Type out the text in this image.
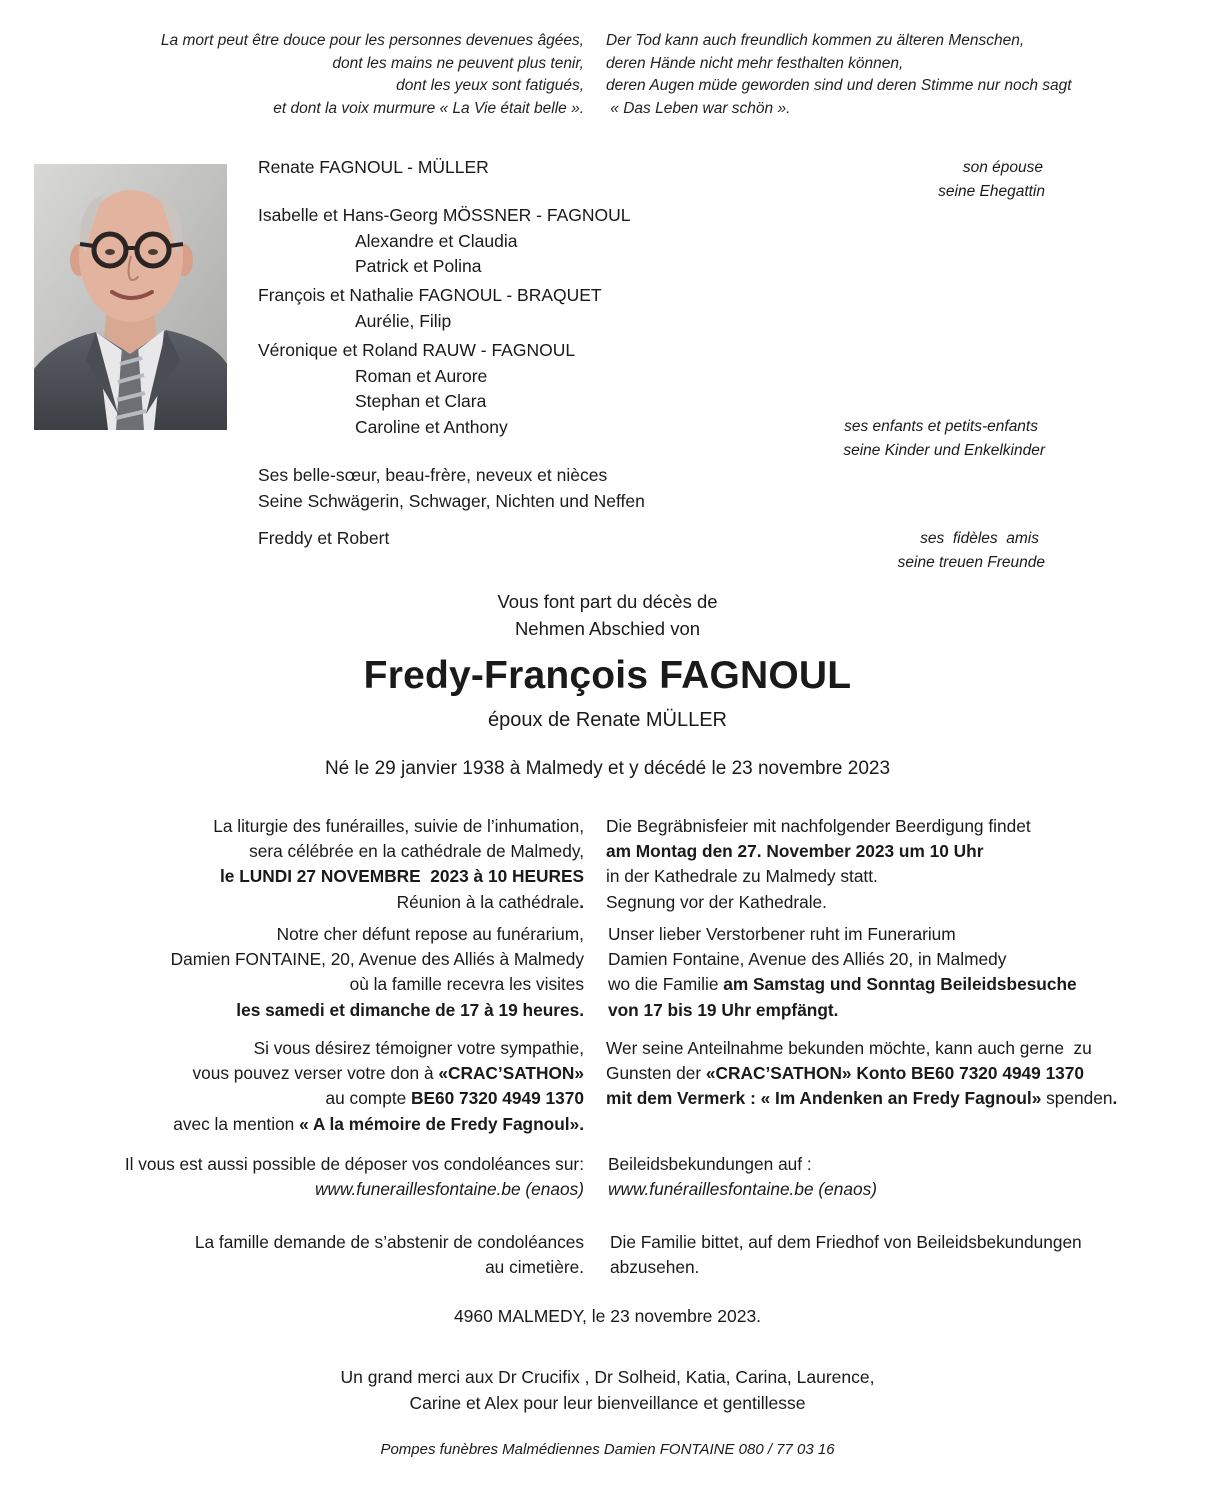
La mort peut être douce pour les personnes devenues âgées,
dont les mains ne peuvent plus tenir,
dont les yeux sont fatigués,
et dont la voix murmure « La Vie était belle ».
Der Tod kann auch freundlich kommen zu älteren Menschen,
deren Hände nicht mehr festhalten können,
deren Augen müde geworden sind und deren Stimme nur noch sagt
« Das Leben war schön ».
Renate FAGNOUL - MÜLLER	son épouse
seine Ehegattin
Isabelle et Hans-Georg MÖSSNER - FAGNOUL
Alexandre et Claudia
Patrick et Polina
François et Nathalie FAGNOUL - BRAQUET
Aurélie, Filip
Véronique et Roland RAUW - FAGNOUL
Roman et Aurore
Stephan et Clara
Caroline et Anthony	ses enfants et petits-enfants
seine Kinder und Enkelkinder
Ses belle-sœur, beau-frère, neveux et nièces
Seine Schwägerin, Schwager, Nichten und Neffen
Freddy et Robert	ses  fidèles  amis
seine treuen Freunde
Vous font part du décès de
Nehmen Abschied von
Fredy-François FAGNOUL
époux de Renate MÜLLER
Né le 29 janvier 1938 à Malmedy et y décédé le 23 novembre 2023
La liturgie des funérailles, suivie de l’inhumation,
sera célébrée en la cathédrale de Malmedy,
le LUNDI 27 NOVEMBRE  2023 à 10 HEURES
Réunion à la cathédrale.
Die Begräbnisfeier mit nachfolgender Beerdigung findet
am Montag den 27. November 2023 um 10 Uhr
in der Kathedrale zu Malmedy statt.
Segnung vor der Kathedrale.
Notre cher défunt repose au funérarium,
Damien FONTAINE, 20, Avenue des Alliés à Malmedy
où la famille recevra les visites
les samedi et dimanche de 17 à 19 heures.
Unser lieber Verstorbener ruht im Funerarium
Damien Fontaine, Avenue des Alliés 20, in Malmedy
wo die Familie am Samstag und Sonntag Beileidsbesuche
von 17 bis 19 Uhr empfängt.
Si vous désirez témoigner votre sympathie,
vous pouvez verser votre don à «CRAC’SATHON»
au compte BE60 7320 4949 1370
avec la mention « A la mémoire de Fredy Fagnoul».
Wer seine Anteilnahme bekunden möchte, kann auch gerne  zu
Gunsten der «CRAC’SATHON» Konto BE60 7320 4949 1370
mit dem Vermerk : « Im Andenken an Fredy Fagnoul» spenden.
Il vous est aussi possible de déposer vos condoléances sur:
www.funeraillesfontaine.be (enaos)
Beileidsbekundungen auf :
www.funéraillesfontaine.be (enaos)
La famille demande de s’abstenir de condoléances
au cimetière.
Die Familie bittet, auf dem Friedhof von Beileidsbekundungen
abzusehen.
4960 MALMEDY, le 23 novembre 2023.
Un grand merci aux Dr Crucifix , Dr Solheid, Katia, Carina, Laurence,
Carine et Alex pour leur bienveillance et gentillesse
Pompes funèbres Malmédiennes Damien FONTAINE 080 / 77 03 16
